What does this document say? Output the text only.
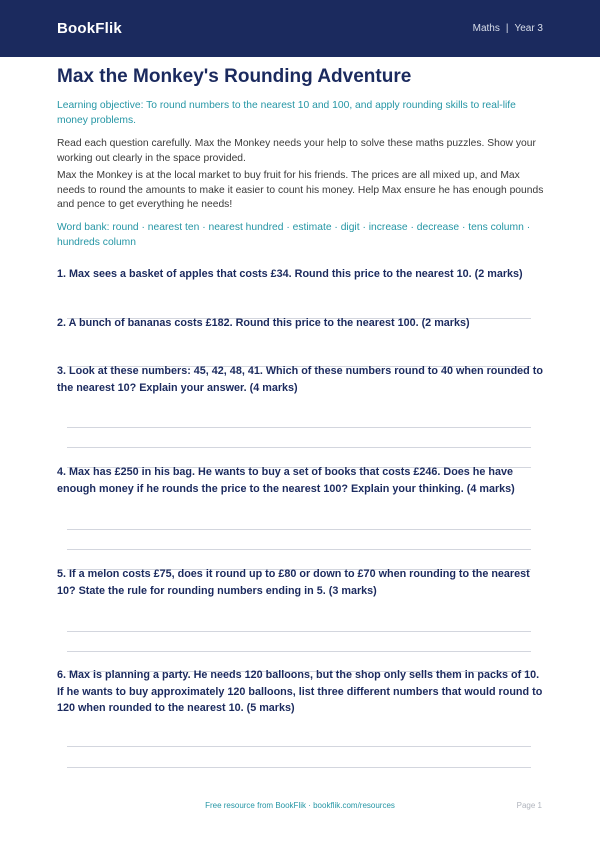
BookFlik	Maths | Year 3
Max the Monkey's Rounding Adventure
Learning objective: To round numbers to the nearest 10 and 100, and apply rounding skills to real-life money problems.
Read each question carefully. Max the Monkey needs your help to solve these maths puzzles. Show your working out clearly in the space provided.
Max the Monkey is at the local market to buy fruit for his friends. The prices are all mixed up, and Max needs to round the amounts to make it easier to count his money. Help Max ensure he has enough pounds and pence to get everything he needs!
Word bank: round · nearest ten · nearest hundred · estimate · digit · increase · decrease · tens column · hundreds column
1. Max sees a basket of apples that costs £34. Round this price to the nearest 10. (2 marks)
2. A bunch of bananas costs £182. Round this price to the nearest 100. (2 marks)
3. Look at these numbers: 45, 42, 48, 41. Which of these numbers round to 40 when rounded to the nearest 10? Explain your answer. (4 marks)
4. Max has £250 in his bag. He wants to buy a set of books that costs £246. Does he have enough money if he rounds the price to the nearest 100? Explain your thinking. (4 marks)
5. If a melon costs £75, does it round up to £80 or down to £70 when rounding to the nearest 10? State the rule for rounding numbers ending in 5. (3 marks)
6. Max is planning a party. He needs 120 balloons, but the shop only sells them in packs of 10. If he wants to buy approximately 120 balloons, list three different numbers that would round to 120 when rounded to the nearest 10. (5 marks)
Free resource from BookFlik · bookflik.com/resources	Page 1
